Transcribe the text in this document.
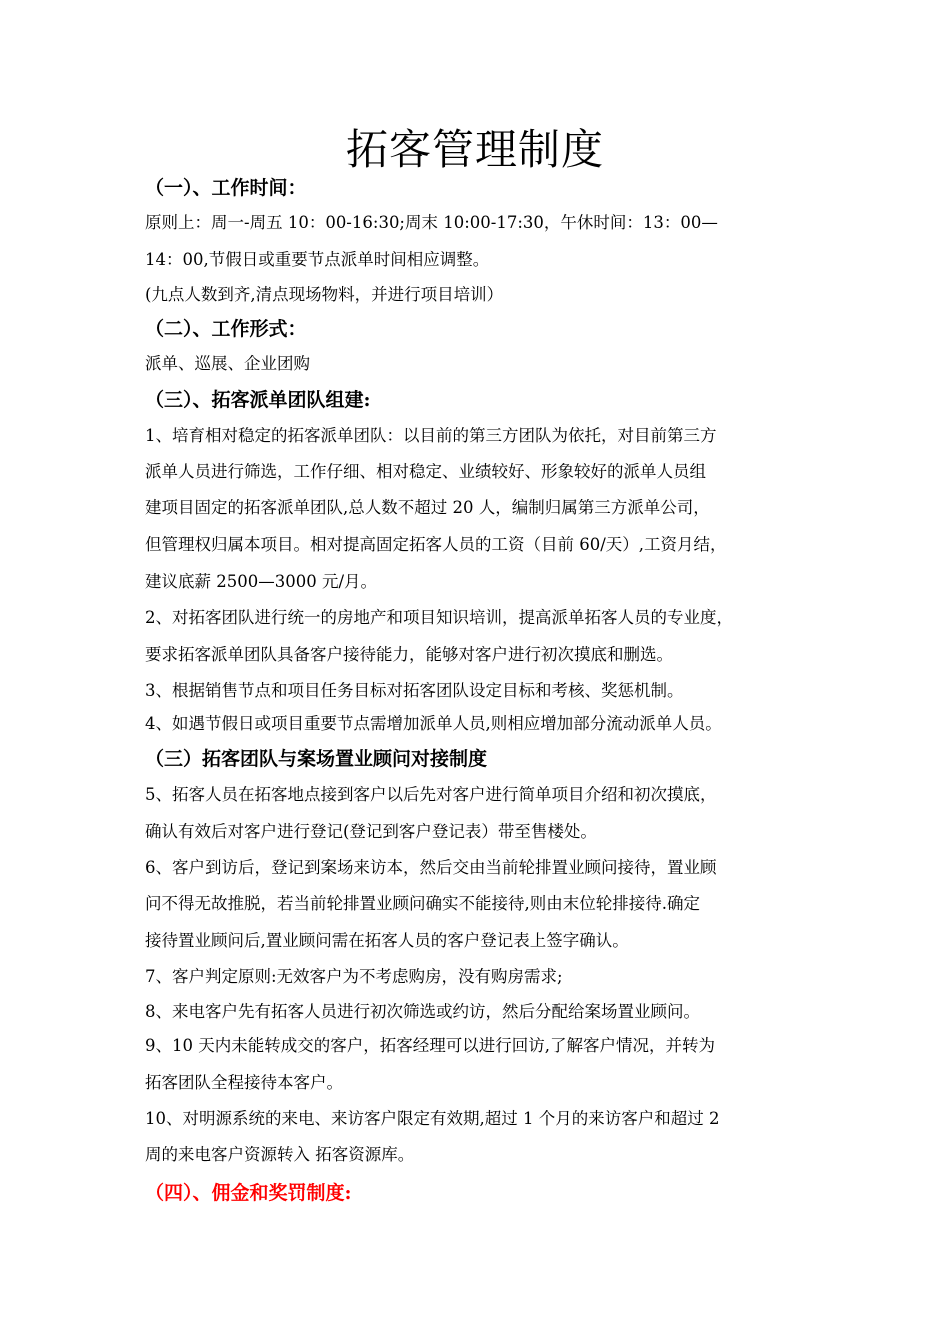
拓客管理制度
（一）、工作时间：
原则上：周一-周五 10：00-16:30;周末 10:00-17:30，午休时间：13：00—
14：00,节假日或重要节点派单时间相应调整。
(九点人数到齐,清点现场物料，并进行项目培训）
（二）、工作形式：
派单、巡展、企业团购
（三）、拓客派单团队组建:
1、培育相对稳定的拓客派单团队：以目前的第三方团队为依托，对目前第三方
派单人员进行筛选，工作仔细、相对稳定、业绩较好、形象较好的派单人员组
建项目固定的拓客派单团队,总人数不超过 20 人，编制归属第三方派单公司，
但管理权归属本项目。相对提高固定拓客人员的工资（目前 60/天）,工资月结，
建议底薪 2500—3000 元/月。
2、对拓客团队进行统一的房地产和项目知识培训，提高派单拓客人员的专业度，
要求拓客派单团队具备客户接待能力，能够对客户进行初次摸底和删选。
3、根据销售节点和项目任务目标对拓客团队设定目标和考核、奖惩机制。
4、如遇节假日或项目重要节点需增加派单人员,则相应增加部分流动派单人员。
（三）拓客团队与案场置业顾问对接制度
5、拓客人员在拓客地点接到客户以后先对客户进行简单项目介绍和初次摸底，
确认有效后对客户进行登记(登记到客户登记表）带至售楼处。
6、客户到访后，登记到案场来访本，然后交由当前轮排置业顾问接待，置业顾
问不得无故推脱，若当前轮排置业顾问确实不能接待,则由末位轮排接待.确定
接待置业顾问后,置业顾问需在拓客人员的客户登记表上签字确认。
7、客户判定原则:无效客户为不考虑购房，没有购房需求;
8、来电客户先有拓客人员进行初次筛选或约访，然后分配给案场置业顾问。
9、10 天内未能转成交的客户，拓客经理可以进行回访,了解客户情况，并转为
拓客团队全程接待本客户。
10、对明源系统的来电、来访客户限定有效期,超过 1 个月的来访客户和超过 2
周的来电客户资源转入 拓客资源库。
（四）、佣金和奖罚制度:
